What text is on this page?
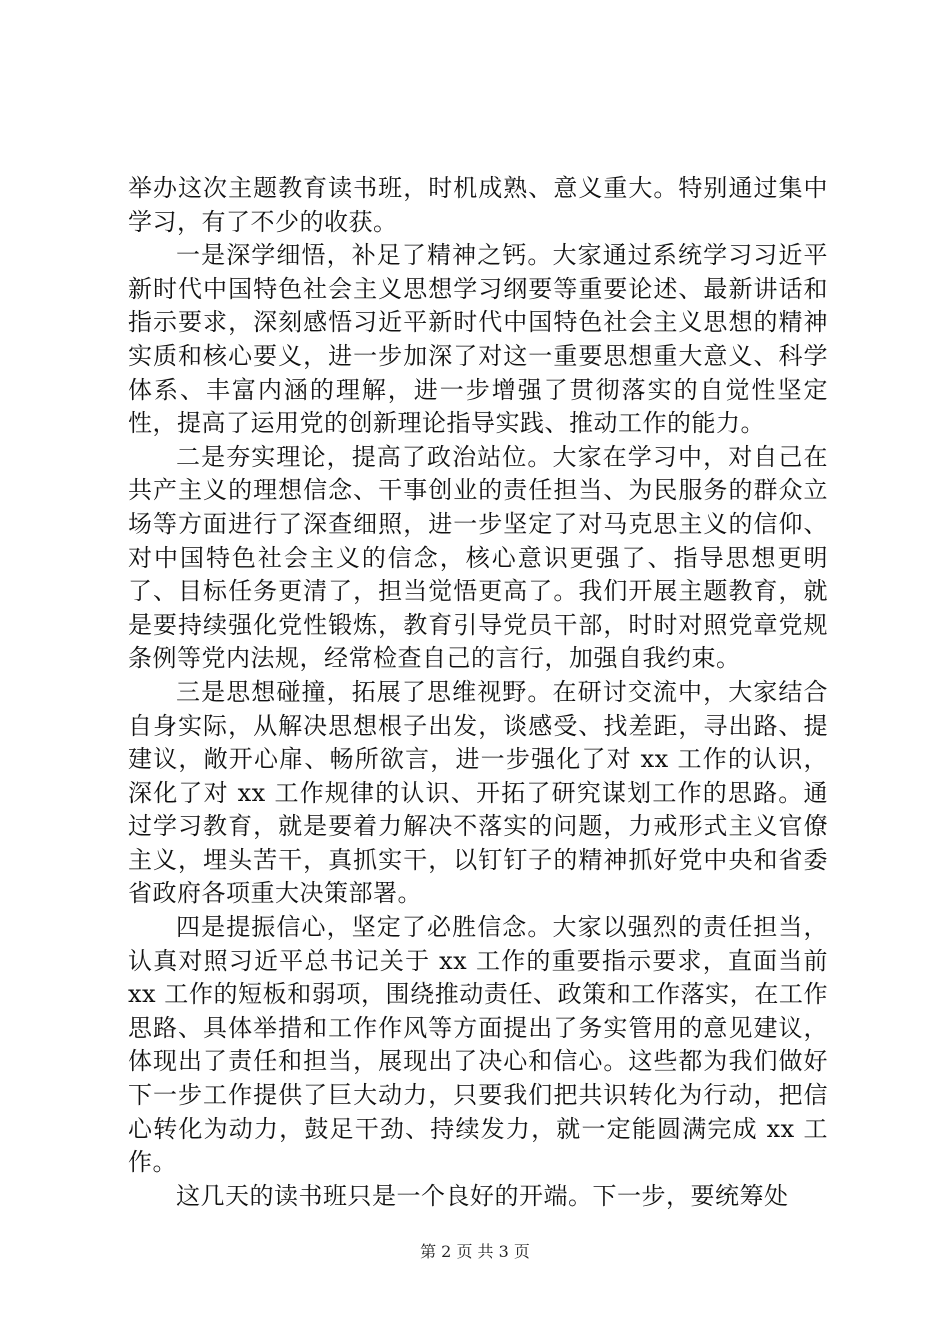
举办这次主题教育读书班，时机成熟、意义重大。特别通过集中学习，有了不少的收获。

一是深学细悟，补足了精神之钙。大家通过系统学习习近平新时代中国特色社会主义思想学习纲要等重要论述、最新讲话和指示要求，深刻感悟习近平新时代中国特色社会主义思想的精神实质和核心要义，进一步加深了对这一重要思想重大意义、科学体系、丰富内涵的理解，进一步增强了贯彻落实的自觉性坚定性，提高了运用党的创新理论指导实践、推动工作的能力。

二是夯实理论，提高了政治站位。大家在学习中，对自己在共产主义的理想信念、干事创业的责任担当、为民服务的群众立场等方面进行了深查细照，进一步坚定了对马克思主义的信仰、对中国特色社会主义的信念，核心意识更强了、指导思想更明了、目标任务更清了，担当觉悟更高了。我们开展主题教育，就是要持续强化党性锻炼，教育引导党员干部，时时对照党章党规条例等党内法规，经常检查自己的言行，加强自我约束。

三是思想碰撞，拓展了思维视野。在研讨交流中，大家结合自身实际，从解决思想根子出发，谈感受、找差距，寻出路、提建议，敞开心扉、畅所欲言，进一步强化了对 xx 工作的认识，深化了对 xx 工作规律的认识、开拓了研究谋划工作的思路。通过学习教育，就是要着力解决不落实的问题，力戒形式主义官僚主义，埋头苦干，真抓实干，以钉钉子的精神抓好党中央和省委省政府各项重大决策部署。

四是提振信心，坚定了必胜信念。大家以强烈的责任担当，认真对照习近平总书记关于 xx 工作的重要指示要求，直面当前 xx 工作的短板和弱项，围绕推动责任、政策和工作落实，在工作思路、具体举措和工作作风等方面提出了务实管用的意见建议，体现出了责任和担当，展现出了决心和信心。这些都为我们做好下一步工作提供了巨大动力，只要我们把共识转化为行动，把信心转化为动力，鼓足干劲、持续发力，就一定能圆满完成 xx 工作。

这几天的读书班只是一个良好的开端。下一步，要统筹处

第 2 页 共 3 页
